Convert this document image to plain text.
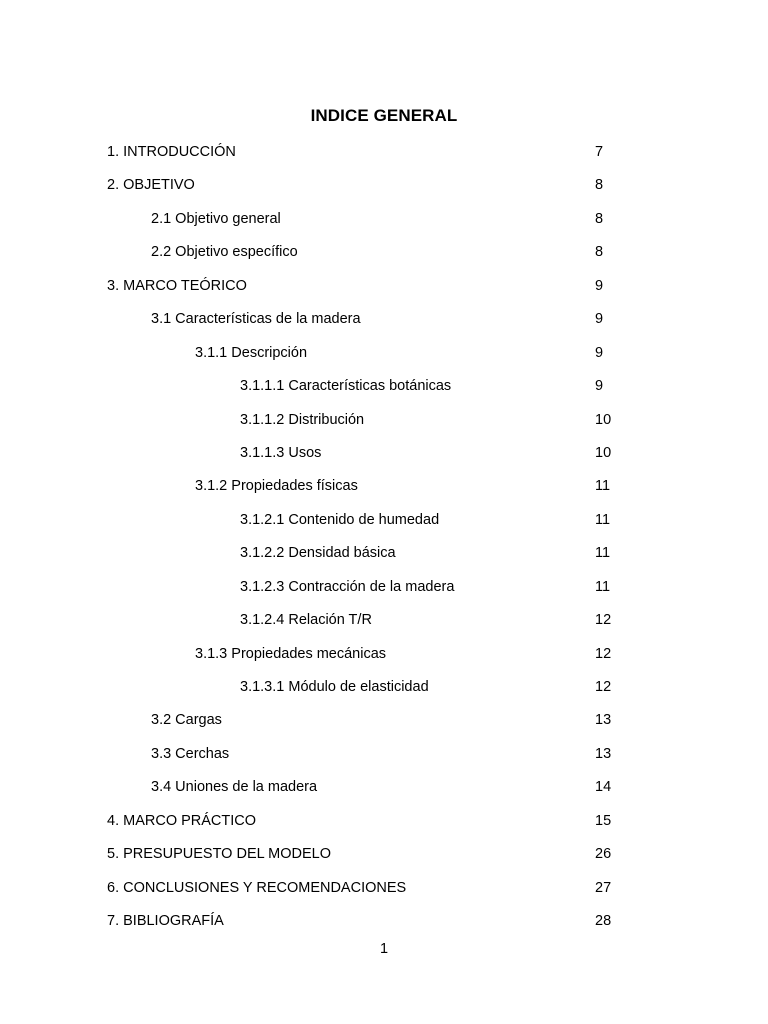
INDICE GENERAL
1. INTRODUCCIÓN	7
2. OBJETIVO	8
2.1 Objetivo general	8
2.2 Objetivo específico	8
3. MARCO TEÓRICO	9
3.1 Características de la madera	9
3.1.1 Descripción	9
3.1.1.1 Características botánicas	9
3.1.1.2 Distribución	10
3.1.1.3 Usos	10
3.1.2 Propiedades físicas	11
3.1.2.1 Contenido de humedad	11
3.1.2.2 Densidad básica	11
3.1.2.3 Contracción de la madera	11
3.1.2.4 Relación T/R	12
3.1.3 Propiedades mecánicas	12
3.1.3.1 Módulo de elasticidad	12
3.2 Cargas	13
3.3 Cerchas	13
3.4 Uniones de la madera	14
4. MARCO PRÁCTICO	15
5. PRESUPUESTO DEL MODELO	26
6. CONCLUSIONES Y RECOMENDACIONES	27
7. BIBLIOGRAFÍA	28
1
